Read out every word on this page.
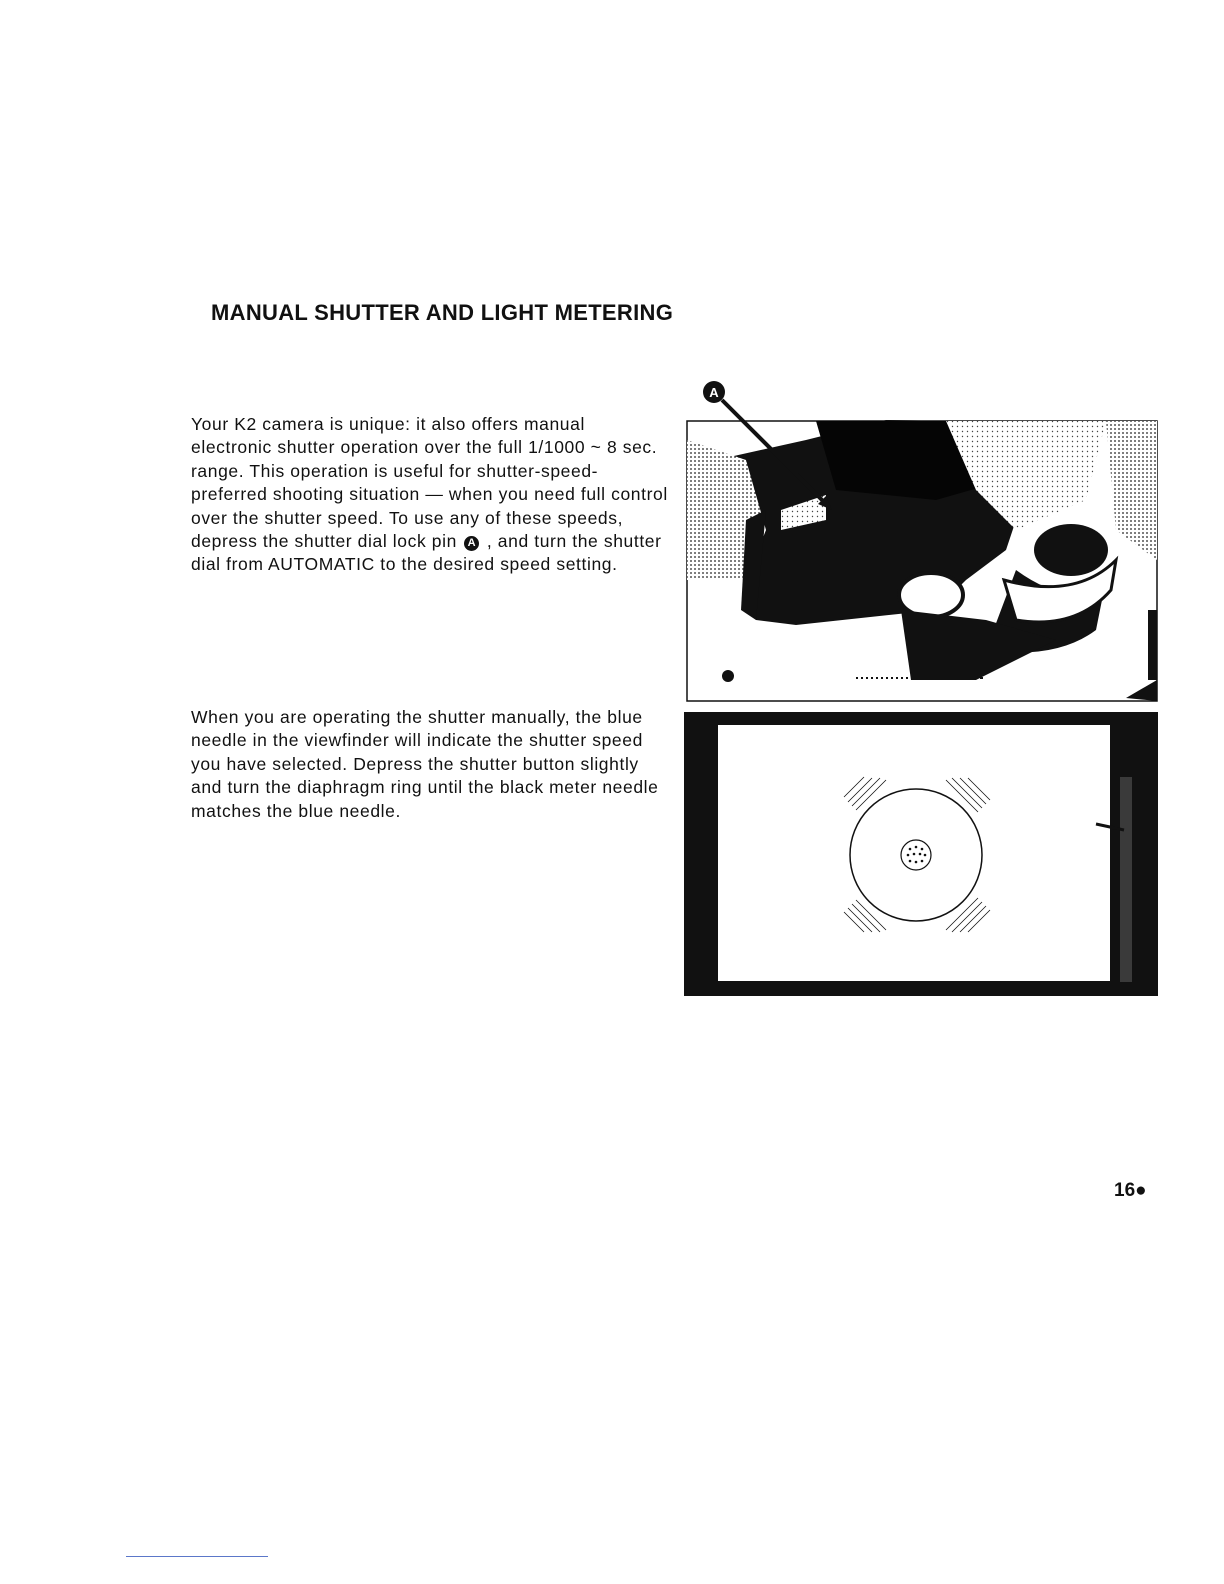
MANUAL SHUTTER AND LIGHT METERING

Your K2 camera is unique: it also offers manual electronic shutter operation over the full 1/1000 ~ 8 sec. range. This operation is useful for shutter-speed-preferred shooting situation — when you need full control over the shutter speed. To use any of these speeds, depress the shutter dial lock pin A , and turn the shutter dial from AUTOMATIC to the desired speed setting.

When you are operating the shutter manually, the blue needle in the viewfinder will indicate the shutter speed you have selected. Depress the shutter button slightly and turn the diaphragm ring until the black meter needle matches the blue needle.

A
16●
